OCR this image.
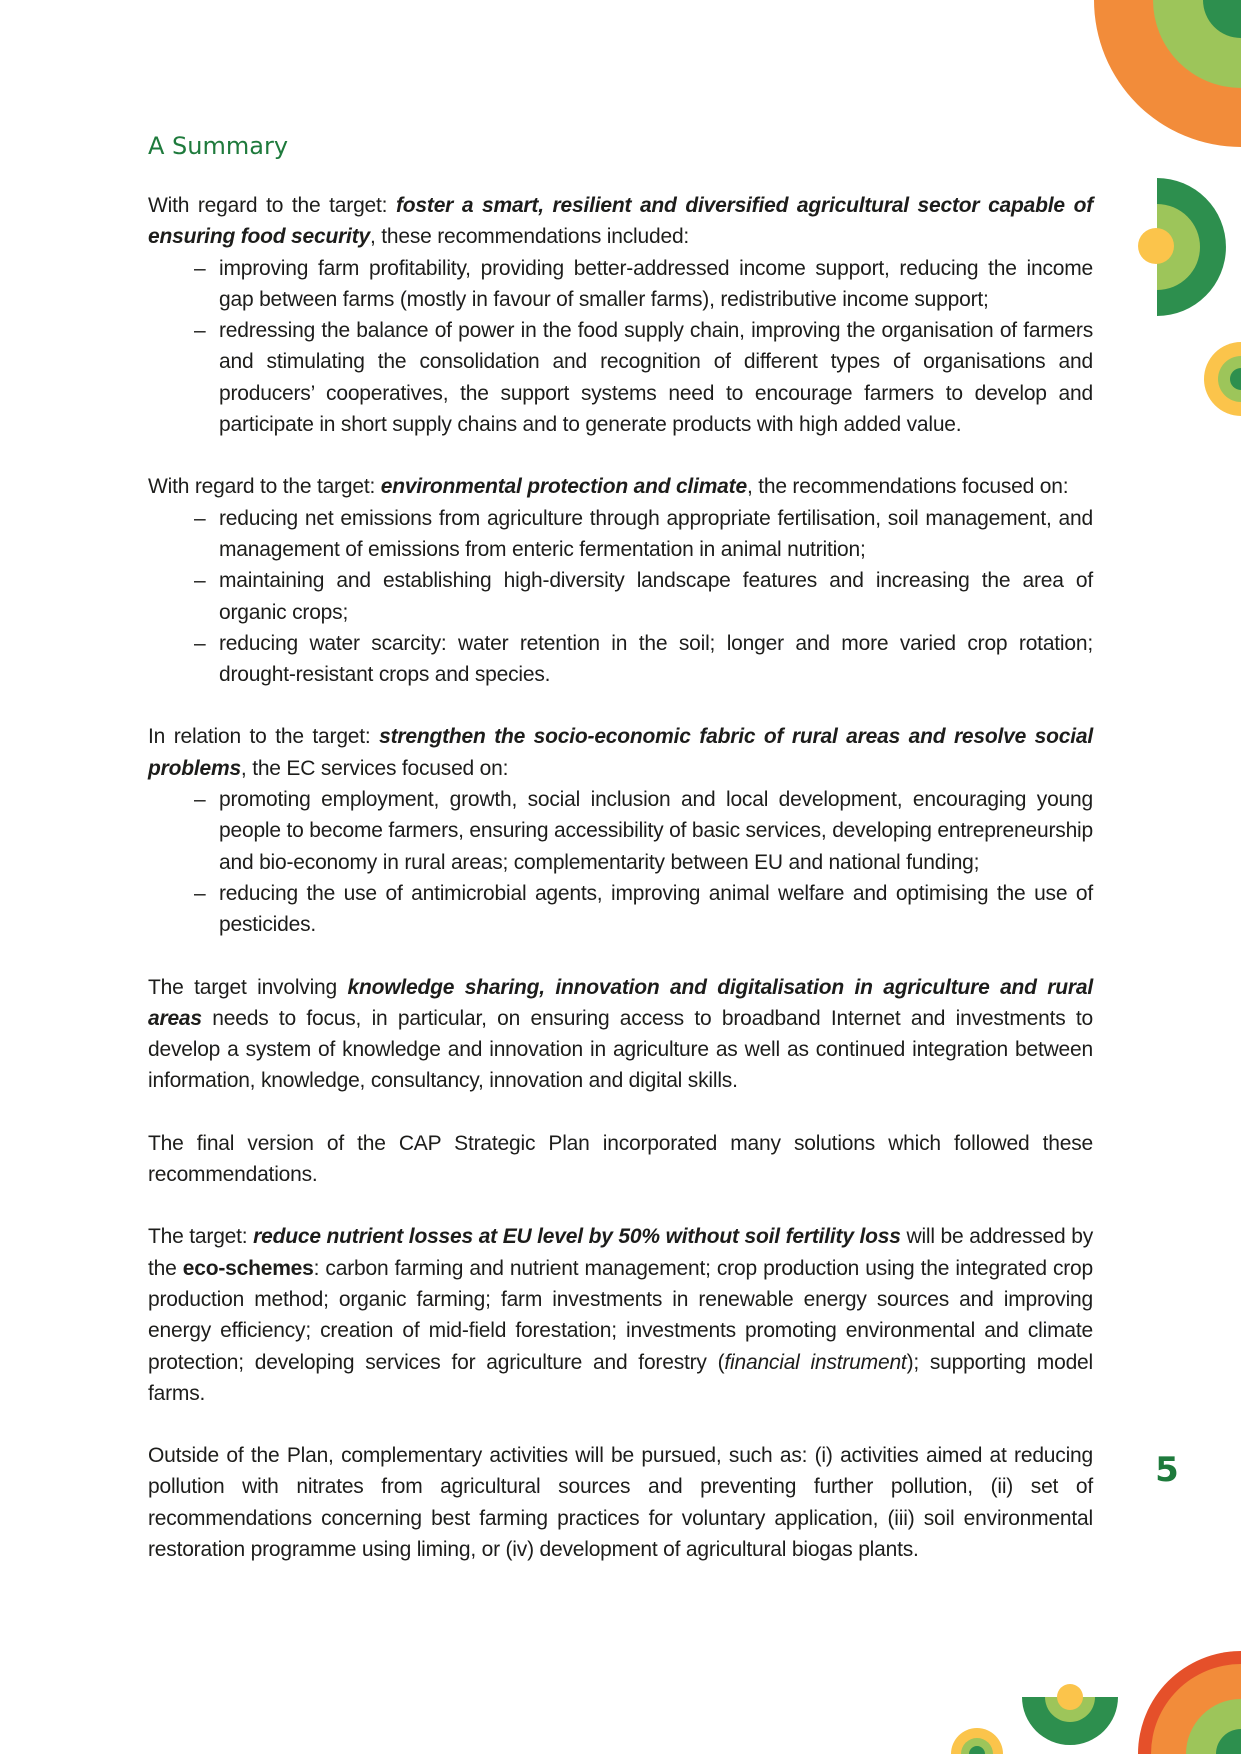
A Summary

With regard to the target: foster a smart, resilient and diversified agricultural sector capable of ensuring food security, these recommendations included:

– improving farm profitability, providing better-addressed income support, reducing the income gap between farms (mostly in favour of smaller farms), redistributive income support;
– redressing the balance of power in the food supply chain, improving the organisation of farmers and stimulating the consolidation and recognition of different types of organisations and producers’ cooperatives, the support systems need to encourage farmers to develop and participate in short supply chains and to generate products with high added value.

With regard to the target: environmental protection and climate, the recommendations focused on:

– reducing net emissions from agriculture through appropriate fertilisation, soil management, and management of emissions from enteric fermentation in animal nutrition;
– maintaining and establishing high-diversity landscape features and increasing the area of organic crops;
– reducing water scarcity: water retention in the soil; longer and more varied crop rotation; drought-resistant crops and species.

In relation to the target: strengthen the socio-economic fabric of rural areas and resolve social problems, the EC services focused on:

– promoting employment, growth, social inclusion and local development, encouraging young people to become farmers, ensuring accessibility of basic services, developing entrepreneurship and bio-economy in rural areas; complementarity between EU and national funding;
– reducing the use of antimicrobial agents, improving animal welfare and optimising the use of pesticides.

The target involving knowledge sharing, innovation and digitalisation in agriculture and rural areas needs to focus, in particular, on ensuring access to broadband Internet and investments to develop a system of knowledge and innovation in agriculture as well as continued integration between information, knowledge, consultancy, innovation and digital skills.

The final version of the CAP Strategic Plan incorporated many solutions which followed these recommendations.

The target: reduce nutrient losses at EU level by 50% without soil fertility loss will be addressed by the eco-schemes: carbon farming and nutrient management; crop production using the integrated crop production method; organic farming; farm investments in renewable energy sources and improving energy efficiency; creation of mid-field forestation; investments promoting environmental and climate protection; developing services for agriculture and forestry (financial instrument); supporting model farms.

Outside of the Plan, complementary activities will be pursued, such as: (i) activities aimed at reducing pollution with nitrates from agricultural sources and preventing further pollution, (ii) set of recommendations concerning best farming practices for voluntary application, (iii) soil environmental restoration programme using liming, or (iv) development of agricultural biogas plants.

5
